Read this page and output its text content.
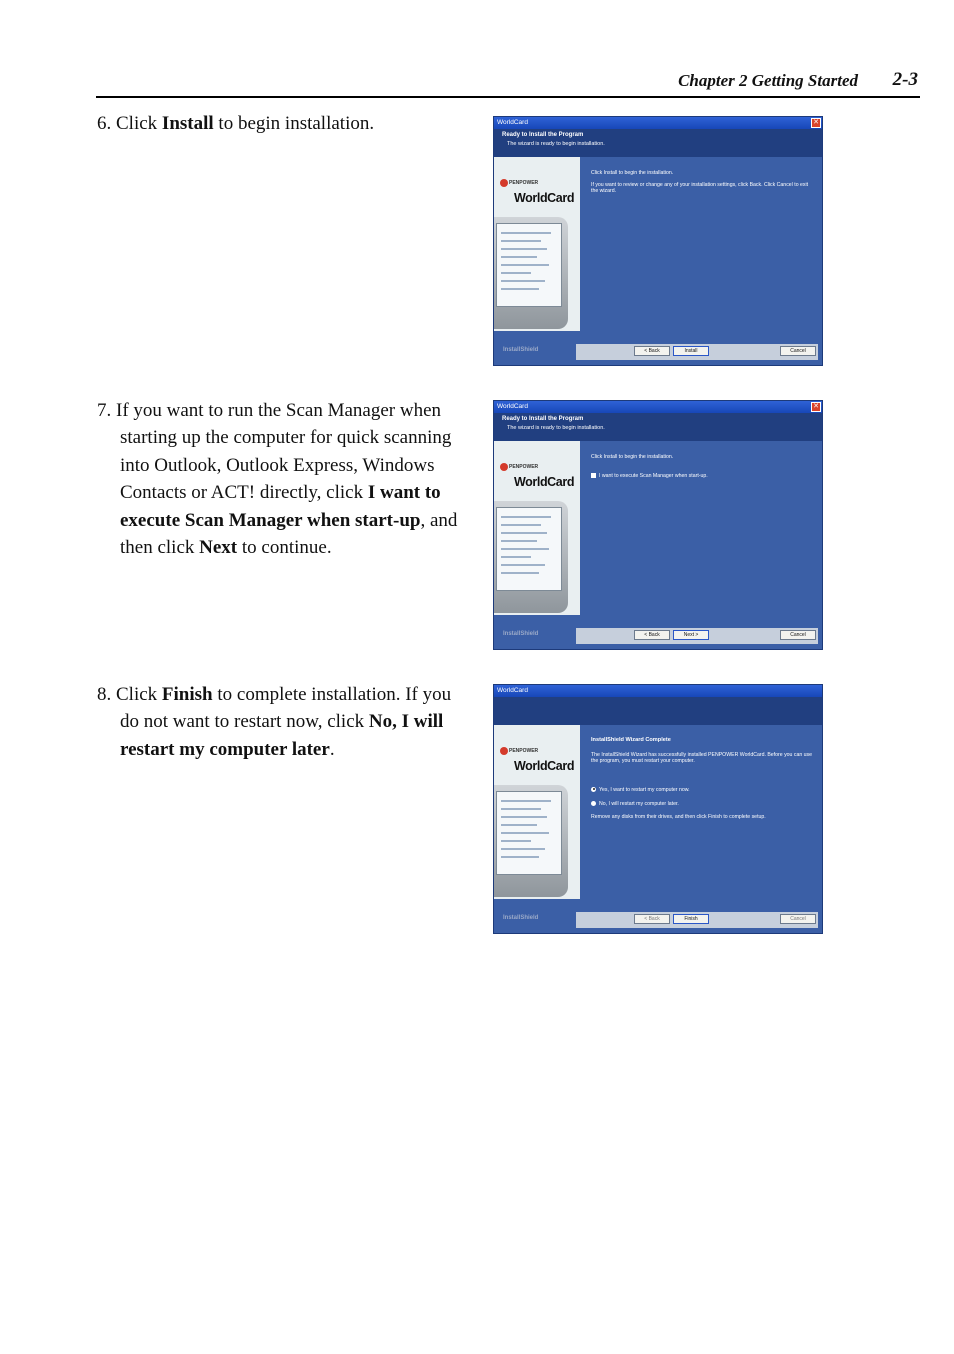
Chapter 2 Getting Started 2-3

6. Click Install to begin installation.

7. If you want to run the Scan Manager when starting up the computer for quick scanning into Outlook, Outlook Express, Windows Contacts or ACT! directly, click I want to execute Scan Manager when start-up, and then click Next to continue.

8. Click Finish to complete installation. If you do not want to restart now, click No, I will restart my computer later.

WorldCard	✕
Ready to Install the Program
The wizard is ready to begin installation.
PENPOWER
WorldCard
Click Install to begin the installation.
If you want to review or change any of your installation settings, click Back. Click Cancel to exit the wizard.
InstallShield	< Back	Install	Cancel
WorldCard	✕
Ready to Install the Program
The wizard is ready to begin installation.
PENPOWER
WorldCard
Click Install to begin the installation.
I want to execute Scan Manager when start-up.
InstallShield	< Back	Next >	Cancel
WorldCard
PENPOWER
WorldCard
InstallShield Wizard Complete
The InstallShield Wizard has successfully installed PENPOWER WorldCard. Before you can use the program, you must restart your computer.
Yes, I want to restart my computer now.
No, I will restart my computer later.
Remove any disks from their drives, and then click Finish to complete setup.
InstallShield	< Back	Finish	Cancel
